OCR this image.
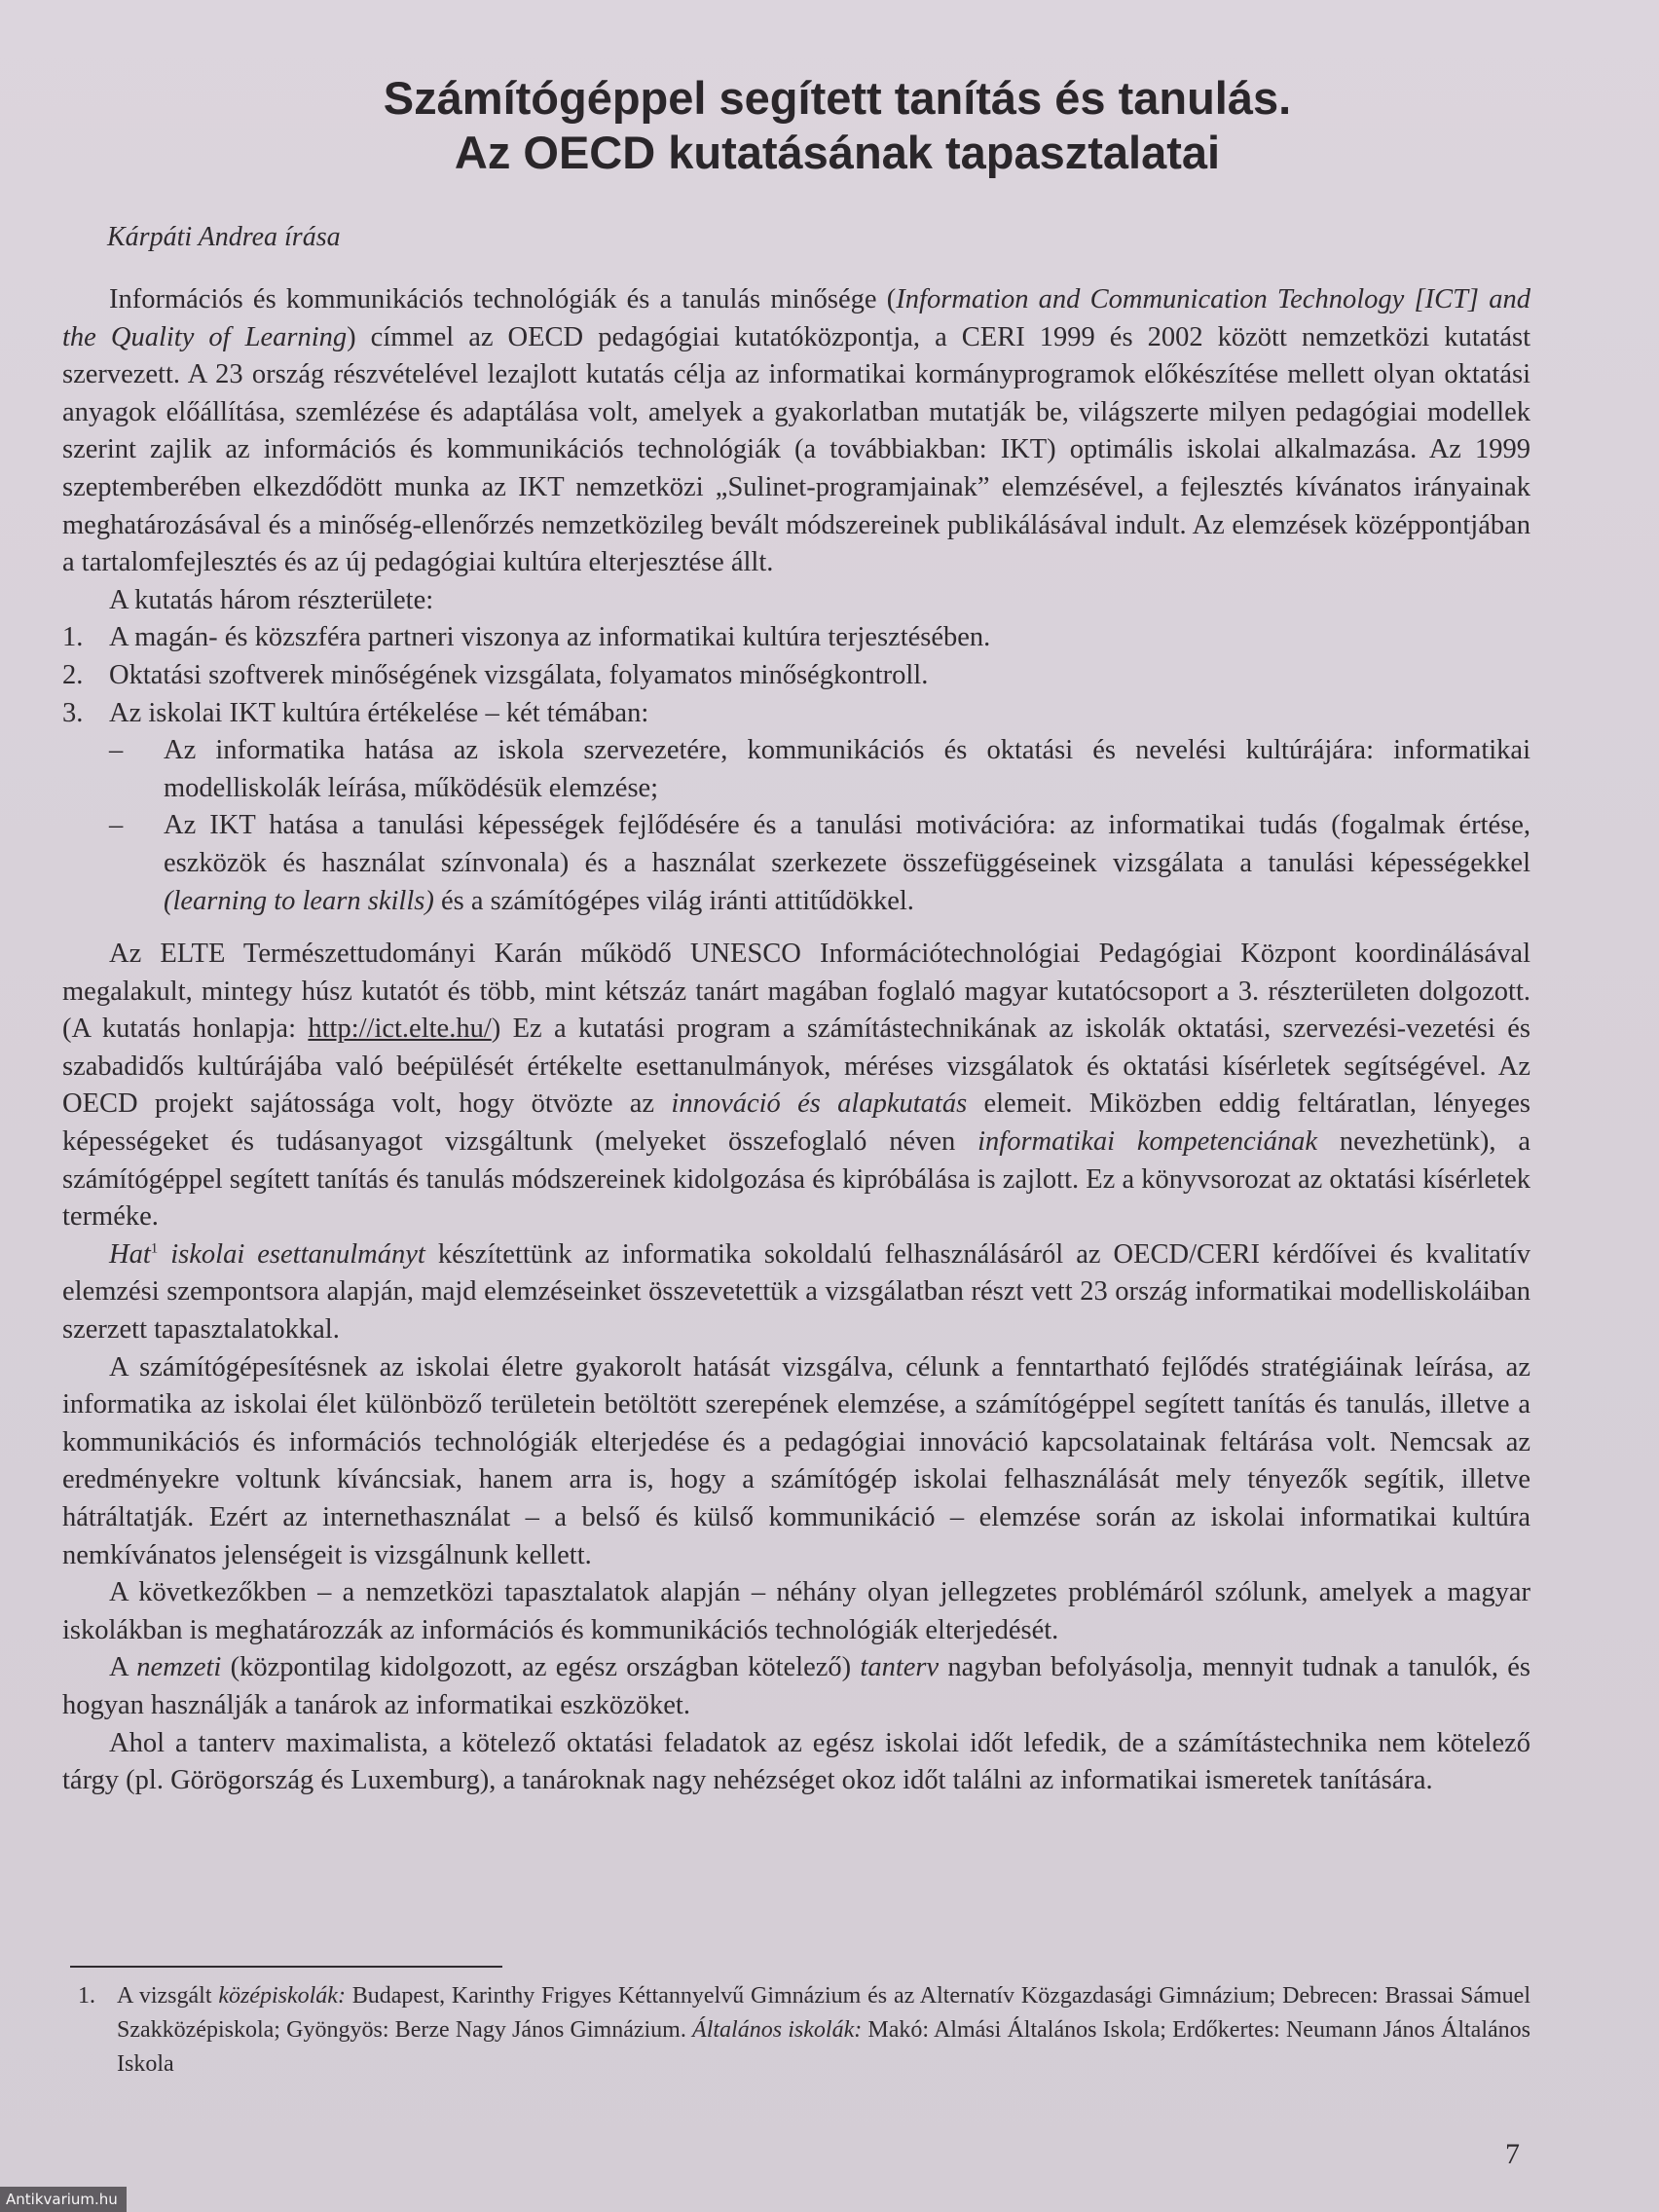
Számítógéppel segített tanítás és tanulás.
Az OECD kutatásának tapasztalatai
Kárpáti Andrea írása

Információs és kommunikációs technológiák és a tanulás minősége (Information and Communication Technology [ICT] and the Quality of Learning) címmel az OECD pedagógiai kutatóközpontja, a CERI 1999 és 2002 között nemzetközi kutatást szervezett. A 23 ország részvételével lezajlott kutatás célja az informatikai kormányprogramok előkészítése mellett olyan oktatási anyagok előállítása, szemlézése és adaptálása volt, amelyek a gyakorlatban mutatják be, világszerte milyen pedagógiai modellek szerint zajlik az információs és kommunikációs technológiák (a továbbiakban: IKT) optimális iskolai alkalmazása. Az 1999 szeptemberében elkezdődött munka az IKT nemzetközi „Sulinet-programjainak” elemzésével, a fejlesztés kívánatos irányainak meghatározásával és a minőség-ellenőrzés nemzetközileg bevált módszereinek publikálásával indult. Az elemzések középpontjában a tartalomfejlesztés és az új pedagógiai kultúra elterjesztése állt.

A kutatás három részterülete:

1. A magán- és közszféra partneri viszonya az informatikai kultúra terjesztésében.
2. Oktatási szoftverek minőségének vizsgálata, folyamatos minőségkontroll.
3. Az iskolai IKT kultúra értékelése – két témában:
– Az informatika hatása az iskola szervezetére, kommunikációs és oktatási és nevelési kultúrájára: informatikai modelliskolák leírása, működésük elemzése;
– Az IKT hatása a tanulási képességek fejlődésére és a tanulási motivációra: az informatikai tudás (fogalmak értése, eszközök és használat színvonala) és a használat szerkezete összefüggéseinek vizsgálata a tanulási képességekkel (learning to learn skills) és a számítógépes világ iránti attitűdökkel.

Az ELTE Természettudományi Karán működő UNESCO Információtechnológiai Pedagógiai Központ koordinálásával megalakult, mintegy húsz kutatót és több, mint kétszáz tanárt magában foglaló magyar kutatócsoport a 3. részterületen dolgozott. (A kutatás honlapja: http://ict.elte.hu/) Ez a kutatási program a számítástechnikának az iskolák oktatási, szervezési-vezetési és szabadidős kultúrájába való beépülését értékelte esettanulmányok, méréses vizsgálatok és oktatási kísérletek segítségével. Az OECD projekt sajátossága volt, hogy ötvözte az innováció és alapkutatás elemeit. Miközben eddig feltáratlan, lényeges képességeket és tudásanyagot vizsgáltunk (melyeket összefoglaló néven informatikai kompetenciának nevezhetünk), a számítógéppel segített tanítás és tanulás módszereinek kidolgozása és kipróbálása is zajlott. Ez a könyvsorozat az oktatási kísérletek terméke.

Hat$^1$ iskolai esettanulmányt készítettünk az informatika sokoldalú felhasználásáról az OECD/CERI kérdőívei és kvalitatív elemzési szempontsora alapján, majd elemzéseinket összevetettük a vizsgálatban részt vett 23 ország informatikai modelliskoláiban szerzett tapasztalatokkal.

A számítógépesítésnek az iskolai életre gyakorolt hatását vizsgálva, célunk a fenntartható fejlődés stratégiáinak leírása, az informatika az iskolai élet különböző területein betöltött szerepének elemzése, a számítógéppel segített tanítás és tanulás, illetve a kommunikációs és információs technológiák elterjedése és a pedagógiai innováció kapcsolatainak feltárása volt. Nemcsak az eredményekre voltunk kíváncsiak, hanem arra is, hogy a számítógép iskolai felhasználását mely tényezők segítik, illetve hátráltatják. Ezért az internethasználat – a belső és külső kommunikáció – elemzése során az iskolai informatikai kultúra nemkívánatos jelenségeit is vizsgálnunk kellett.

A következőkben – a nemzetközi tapasztalatok alapján – néhány olyan jellegzetes problémáról szólunk, amelyek a magyar iskolákban is meghatározzák az információs és kommunikációs technológiák elterjedését.

A nemzeti (központilag kidolgozott, az egész országban kötelező) tanterv nagyban befolyásolja, mennyit tudnak a tanulók, és hogyan használják a tanárok az informatikai eszközöket.

Ahol a tanterv maximalista, a kötelező oktatási feladatok az egész iskolai időt lefedik, de a számítástechnika nem kötelező tárgy (pl. Görögország és Luxemburg), a tanároknak nagy nehézséget okoz időt találni az informatikai ismeretek tanítására.

1. A vizsgált középiskolák: Budapest, Karinthy Frigyes Kéttannyelvű Gimnázium és az Alternatív Közgazdasági Gimnázium; Debrecen: Brassai Sámuel Szakközépiskola; Gyöngyös: Berze Nagy János Gimnázium. Általános iskolák: Makó: Almási Általános Iskola; Erdőkertes: Neumann János Általános Iskola
7
Antikvarium.hu
